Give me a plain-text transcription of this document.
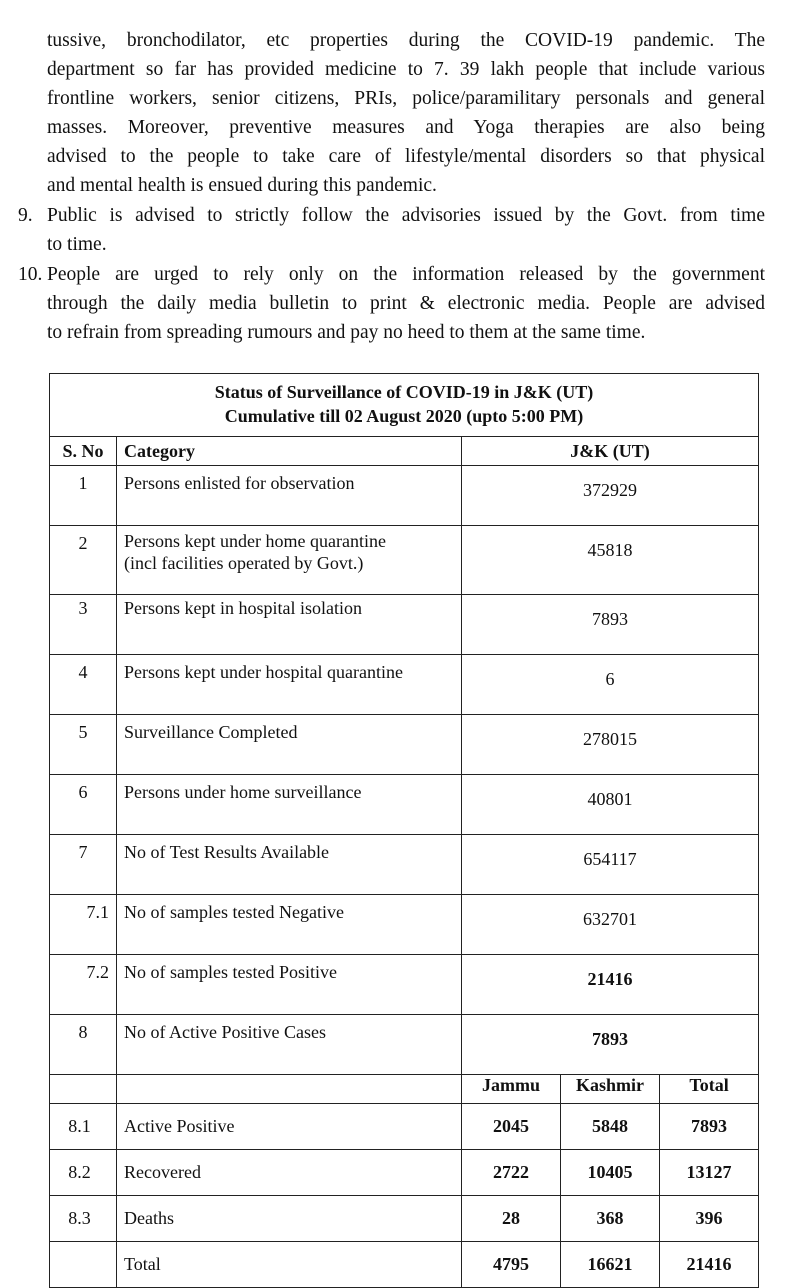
tussive, bronchodilator, etc properties during the COVID-19 pandemic. The
department so far has provided medicine to 7. 39 lakh people that include various
frontline workers, senior citizens, PRIs, police/paramilitary personals and general
masses. Moreover, preventive measures and Yoga therapies are also being
advised to the people to take care of lifestyle/mental disorders so that physical
and mental health is ensued during this pandemic.
9. Public is advised to strictly follow the advisories issued by the Govt. from time
to time.
10. People are urged to rely only on the information released by the government
through the daily media bulletin to print & electronic media. People are advised
to refrain from spreading rumours and pay no heed to them at the same time.
Status of Surveillance of COVID-19 in J&K (UT)
Cumulative till 02 August 2020 (upto 5:00 PM)				

S. No	Category	J&K (UT)		

1	Persons enlisted for observation	372929		

2	Persons kept under home quarantine
(incl facilities operated by Govt.)	45818		

3	Persons kept in hospital isolation	7893		

4	Persons kept under hospital quarantine	6		

5	Surveillance Completed	278015		

6	Persons under home surveillance	40801		

7	No of Test Results Available	654117		

7.1	No of samples tested Negative	632701		

7.2	No of samples tested Positive	21416		

8	No of Active Positive Cases	7893		
		Jammu	Kashmir	Total
8.1	Active Positive	2045	5848	7893
8.2	Recovered	2722	10405	13127
8.3	Deaths	28	368	396
	Total	4795	16621	21416
